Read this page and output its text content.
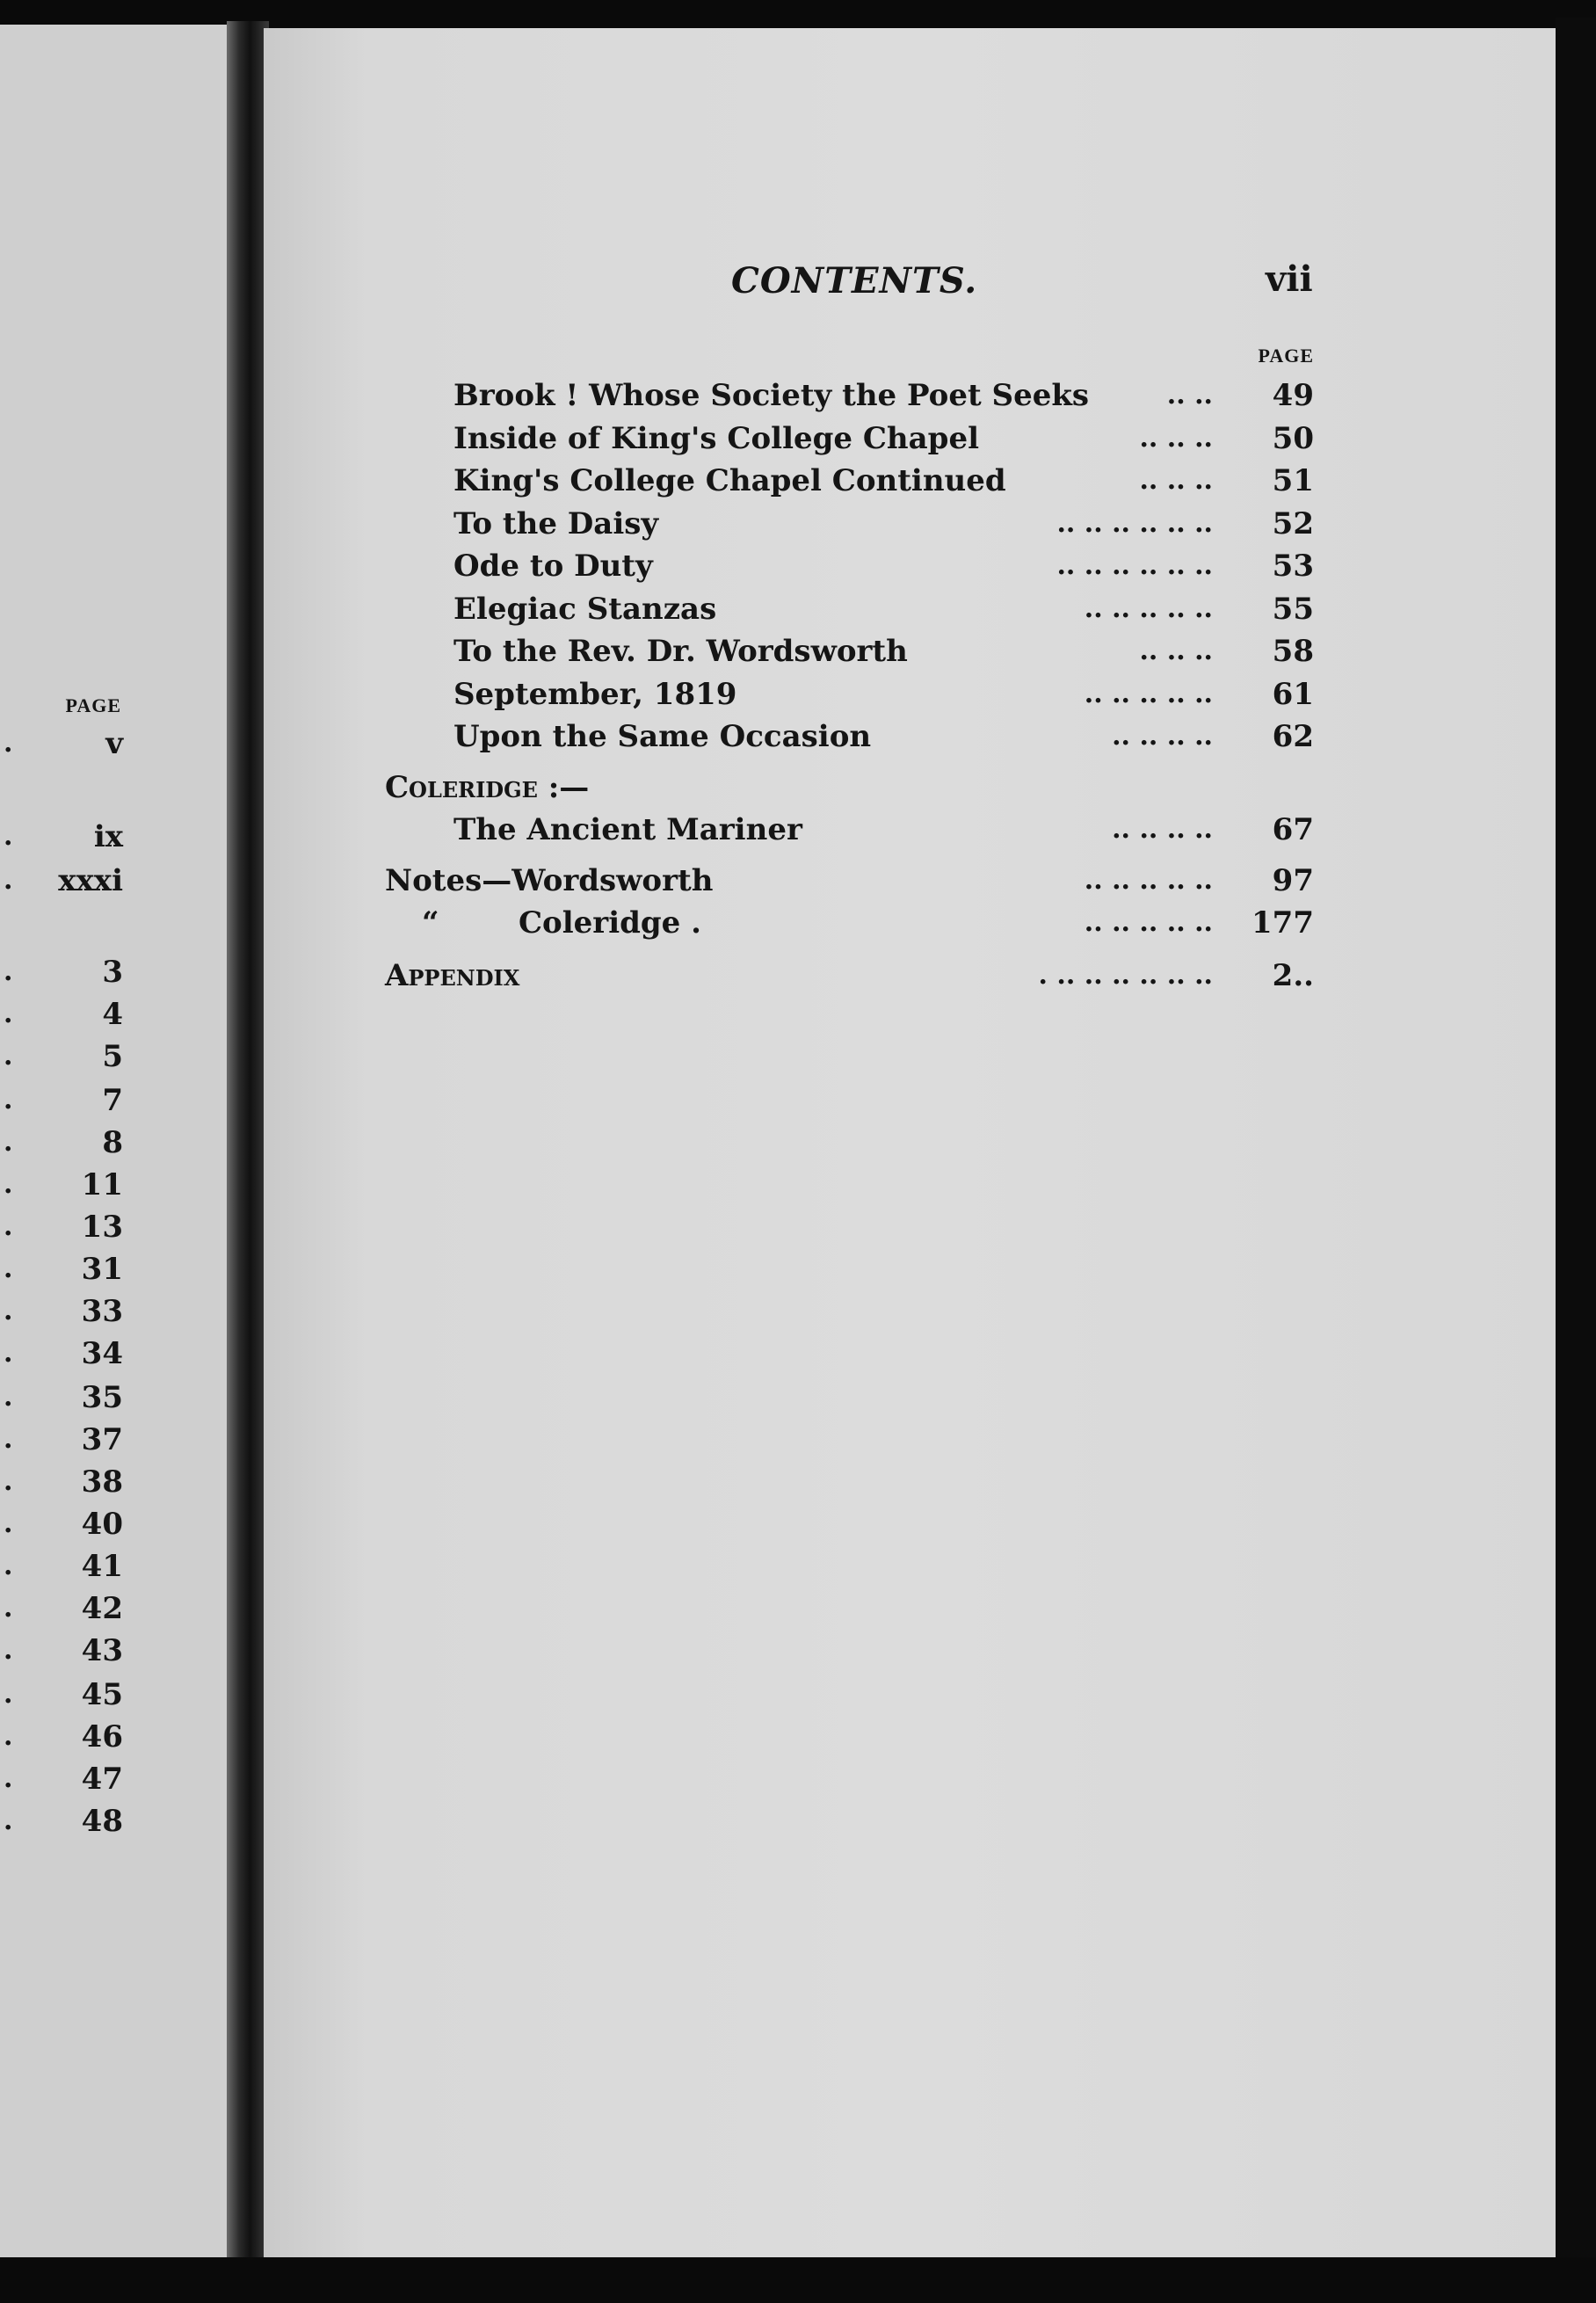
PAGE
.	v
.	ix
. xxxi
.	3
.	4
.	5
.	7
.	8
. 11
. 13
. 31
. 33
. 34
. 35
. 37
. 38
. 40
. 41
. 42
. 43
. 45
. 46
. 47
. 48
CONTENTS.	vii
PAGE
Brook ! Whose Society the Poet Seeks	.. .. 49
Inside of King's College Chapel	.. .. .. 50
King's College Chapel Continued	.. .. .. 51
To the Daisy	.. .. .. .. .. .. 52
Ode to Duty	.. .. .. .. .. .. 53
Elegiac Stanzas	.. .. .. .. .. 55
To the Rev. Dr. Wordsworth	.. .. .. 58
September, 1819	.. .. .. .. .. 61
Upon the Same Occasion	.. .. .. .. 62
Coleridge :—
The Ancient Mariner	.. .. .. .. 67
Notes—Wordsworth	.. .. .. .. .. 97
“	Coleridge .	.. .. .. .. .. 177
Appendix	. .. .. .. .. .. .. 2..
